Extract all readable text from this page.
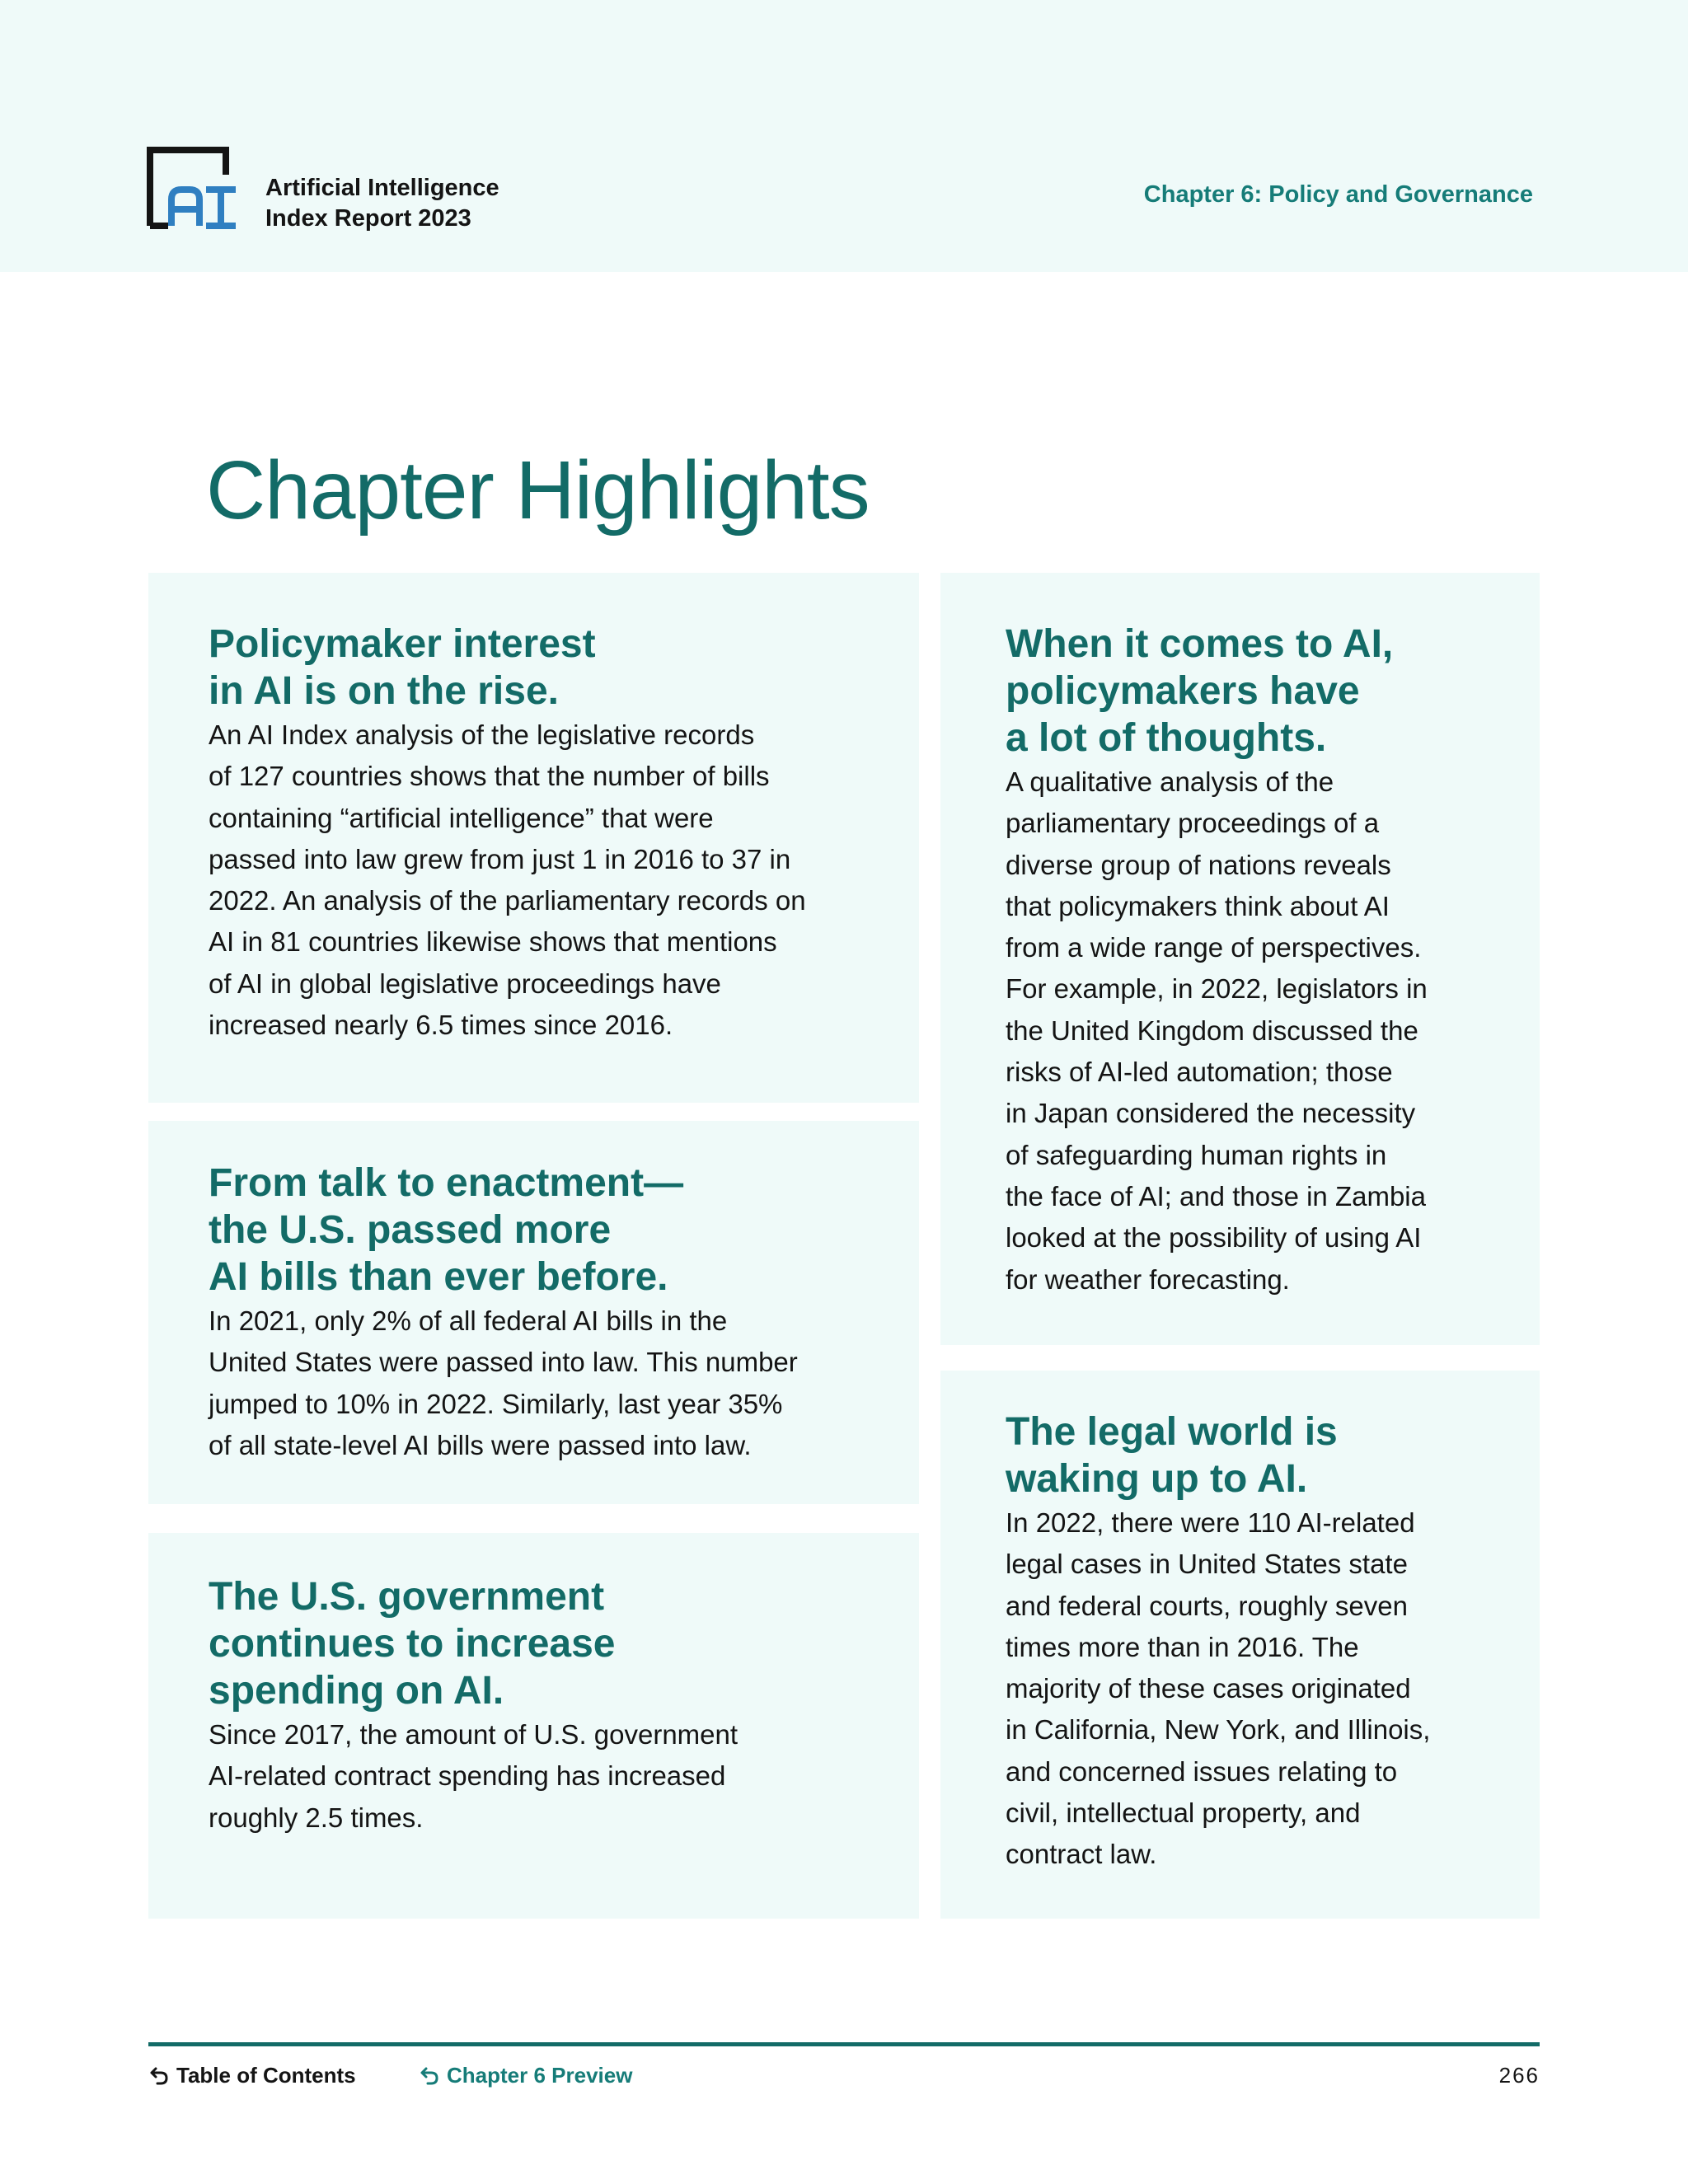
Artificial Intelligence
Index Report 2023
Chapter 6: Policy and Governance
Chapter Highlights
Policymaker interest
in AI is on the rise.

An AI Index analysis of the legislative records
of 127 countries shows that the number of bills
containing “artificial intelligence” that were
passed into law grew from just 1 in 2016 to 37 in
2022. An analysis of the parliamentary records on
AI in 81 countries likewise shows that mentions
of AI in global legislative proceedings have
increased nearly 6.5 times since 2016.

From talk to enactment—
the U.S. passed more
AI bills than ever before.

In 2021, only 2% of all federal AI bills in the
United States were passed into law. This number
jumped to 10% in 2022. Similarly, last year 35%
of all state-level AI bills were passed into law.

The U.S. government
continues to increase
spending on AI.

Since 2017, the amount of U.S. government
AI-related contract spending has increased
roughly 2.5 times.

When it comes to AI,
policymakers have
a lot of thoughts.

A qualitative analysis of the
parliamentary proceedings of a
diverse group of nations reveals
that policymakers think about AI
from a wide range of perspectives.
For example, in 2022, legislators in
the United Kingdom discussed the
risks of AI-led automation; those
in Japan considered the necessity
of safeguarding human rights in
the face of AI; and those in Zambia
looked at the possibility of using AI
for weather forecasting.

The legal world is
waking up to AI.

In 2022, there were 110 AI-related
legal cases in United States state
and federal courts, roughly seven
times more than in 2016. The
majority of these cases originated
in California, New York, and Illinois,
and concerned issues relating to
civil, intellectual property, and
contract law.

Table of Contents	Chapter 6 Preview	266
